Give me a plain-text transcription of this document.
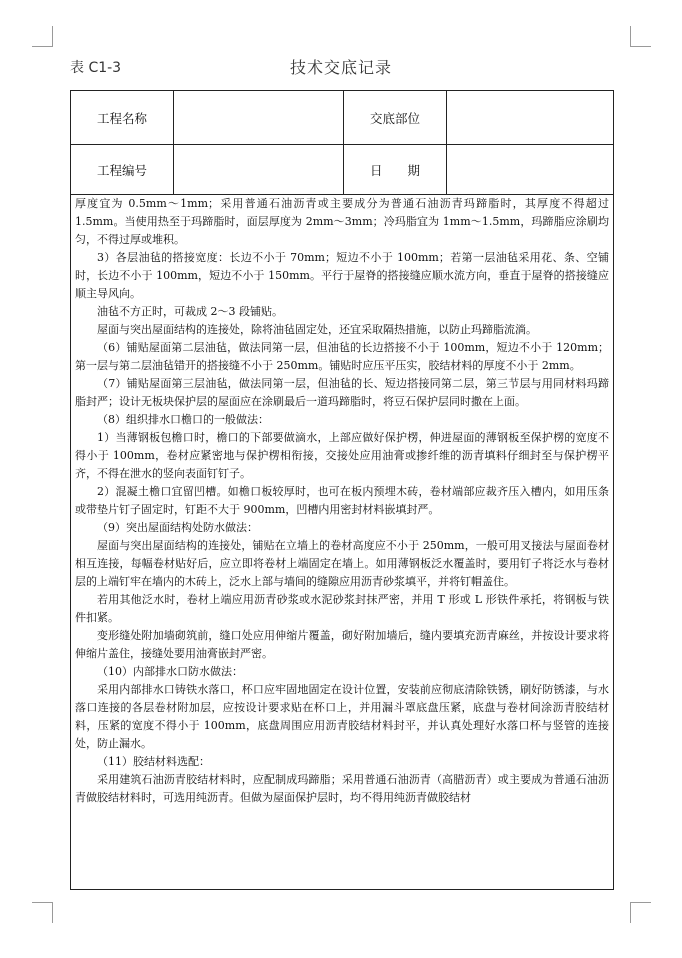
表 C1-3	技术交底记录
工程名称	交底部位
工程编号	日　　期

厚度宜为 0.5mm～1mm；采用普通石油沥青或主要成分为普通石油沥青玛蹄脂时，其厚度不得超过 1.5mm。当使用热至于玛蹄脂时，面层厚度为 2mm～3mm；冷玛脂宜为 1mm～1.5mm，玛蹄脂应涂刷均匀，不得过厚或堆积。

3）各层油毡的搭接宽度：长边不小于 70mm；短边不小于 100mm；若第一层油毡采用花、条、空铺时，长边不小于 100mm，短边不小于 150mm。平行于屋脊的搭接缝应顺水流方向，垂直于屋脊的搭接缝应顺主导风向。

油毡不方正时，可裁成 2～3 段铺贴。

屋面与突出屋面结构的连接处，除将油毡固定处，还宜采取隔热措施，以防止玛蹄脂流淌。

（6）铺贴屋面第二层油毡，做法同第一层，但油毡的长边搭接不小于 100mm，短边不小于 120mm；第一层与第二层油毡错开的搭接缝不小于 250mm。铺贴时应压平压实，胶结材料的厚度不小于 2mm。

（7）铺贴屋面第三层油毡，做法同第一层，但油毡的长、短边搭接同第二层，第三节层与用同材料玛蹄脂封严；设计无板块保护层的屋面应在涂刷最后一道玛蹄脂时，将豆石保护层同时撒在上面。

（8）组织排水口檐口的一般做法：

1）当薄钢板包檐口时，檐口的下部要做滴水，上部应做好保护楞，伸进屋面的薄钢板至保护楞的宽度不得小于 100mm，卷材应紧密地与保护楞相衔接，交接处应用油膏或掺纤维的沥青填料仔细封至与保护楞平齐，不得在泄水的竖向表面钉钉子。

2）混凝土檐口宜留凹槽。如檐口板较厚时，也可在板内预埋木砖，卷材端部应裁齐压入槽内，如用压条或带垫片钉子固定时，钉距不大于 900mm，凹槽内用密封材料嵌填封严。

（9）突出屋面结构处防水做法：

屋面与突出屋面结构的连接处，铺贴在立墙上的卷材高度应不小于 250mm，一般可用叉接法与屋面卷材相互连接，每幅卷材贴好后，应立即将卷材上端固定在墙上。如用薄钢板泛水覆盖时，要用钉子将泛水与卷材层的上端钉牢在墙内的木砖上，泛水上部与墙间的缝隙应用沥青砂浆填平，并将钉帽盖住。

若用其他泛水时，卷材上端应用沥青砂浆或水泥砂浆封抹严密，并用 T 形或 L 形铁件承托，将钢板与铁件扣紧。

变形缝处附加墙砌筑前，缝口处应用伸缩片覆盖，砌好附加墙后，缝内要填充沥青麻丝，并按设计要求将伸缩片盖住，接缝处要用油膏嵌封严密。

（10）内部排水口防水做法：

采用内部排水口铸铁水落口，杯口应牢固地固定在设计位置，安装前应彻底清除铁锈，刷好防锈漆，与水落口连接的各层卷材附加层，应按设计要求贴在杯口上，并用漏斗罩底盘压紧，底盘与卷材间涂沥青胶结材料，压紧的宽度不得小于 100mm，底盘周围应用沥青胶结材料封平，并认真处理好水落口杯与竖管的连接处，防止漏水。

（11）胶结材料选配：

采用建筑石油沥青胶结材料时，应配制成玛蹄脂；采用普通石油沥青（高腊沥青）或主要成为普通石油沥青做胶结材料时，可选用纯沥青。但做为屋面保护层时，均不得用纯沥青做胶结材
